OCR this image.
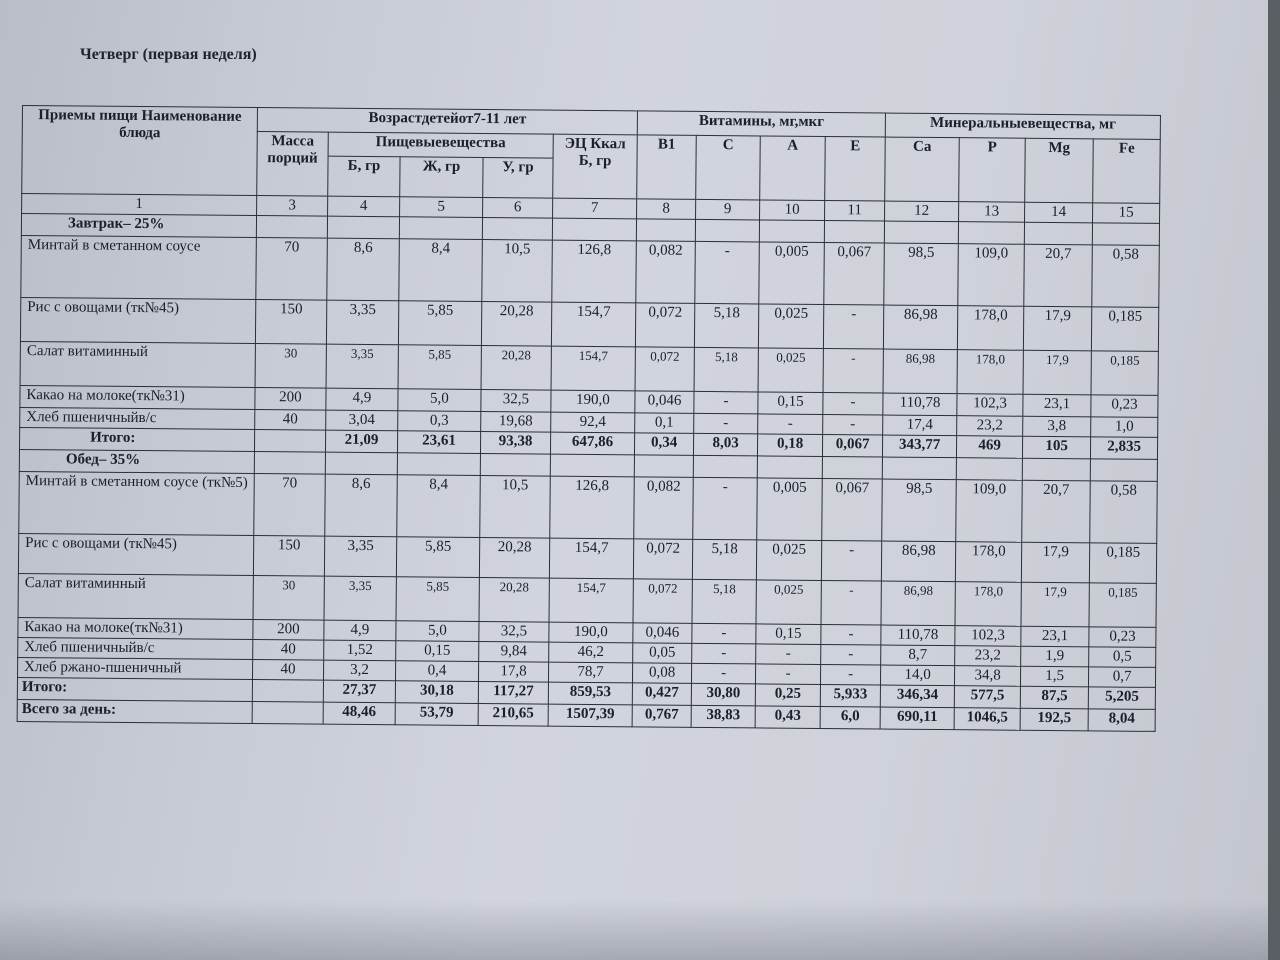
Четверг (первая неделя)
Приемы пищи Наименование блюда	Возрастдетейот7-11 лет					Витамины, мг,мкг				Минеральныевещества, мг			
	Масса порций	Пищевыевещества			ЭЦ Ккал Б, гр	B1	C	A	E	Ca	P	Mg	Fe
		Б, гр	Ж, гр	У, гр									
1	3	4	5	6	7	8	9	10	11	12	13	14	15
Завтрак– 25%													
Минтай в сметанном соусе	70	8,6	8,4	10,5	126,8	0,082	-	0,005	0,067	98,5	109,0	20,7	0,58
Рис с овощами (тк№45)	150	3,35	5,85	20,28	154,7	0,072	5,18	0,025	-	86,98	178,0	17,9	0,185
Салат витаминный	30	3,35	5,85	20,28	154,7	0,072	5,18	0,025	-	86,98	178,0	17,9	0,185
Какао на молоке(тк№31)	200	4,9	5,0	32,5	190,0	0,046	-	0,15	-	110,78	102,3	23,1	0,23
Хлеб пшеничныйв/с	40	3,04	0,3	19,68	92,4	0,1	-	-	-	17,4	23,2	3,8	1,0
Итого:		21,09	23,61	93,38	647,86	0,34	8,03	0,18	0,067	343,77	469	105	2,835
Обед– 35%													
Минтай в сметанном соусе (тк№5)	70	8,6	8,4	10,5	126,8	0,082	-	0,005	0,067	98,5	109,0	20,7	0,58
Рис с овощами (тк№45)	150	3,35	5,85	20,28	154,7	0,072	5,18	0,025	-	86,98	178,0	17,9	0,185
Салат витаминный	30	3,35	5,85	20,28	154,7	0,072	5,18	0,025	-	86,98	178,0	17,9	0,185
Какао на молоке(тк№31)	200	4,9	5,0	32,5	190,0	0,046	-	0,15	-	110,78	102,3	23,1	0,23
Хлеб пшеничныйв/с	40	1,52	0,15	9,84	46,2	0,05	-	-	-	8,7	23,2	1,9	0,5
Хлеб ржано-пшеничный	40	3,2	0,4	17,8	78,7	0,08	-	-	-	14,0	34,8	1,5	0,7
Итого:		27,37	30,18	117,27	859,53	0,427	30,80	0,25	5,933	346,34	577,5	87,5	5,205
Всего за день:		48,46	53,79	210,65	1507,39	0,767	38,83	0,43	6,0	690,11	1046,5	192,5	8,04
